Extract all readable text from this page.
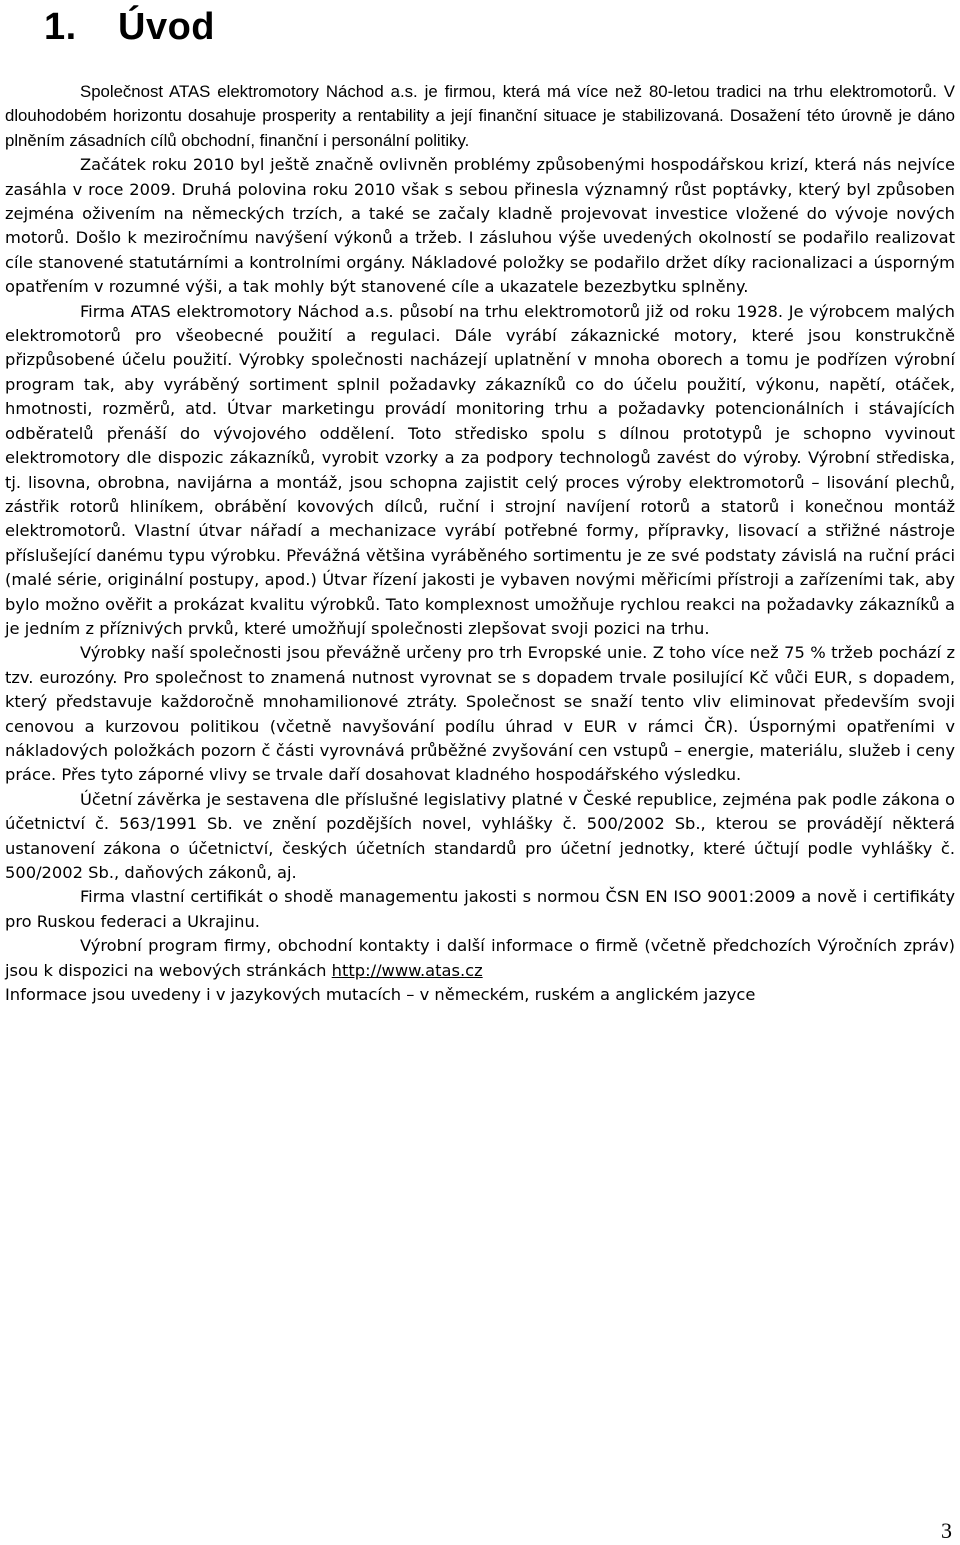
1. Úvod

Společnost ATAS elektromotory Náchod a.s. je firmou, která má více než 80-letou tradici na trhu elektromotorů. V dlouhodobém horizontu dosahuje prosperity a rentability a její finanční situace je stabilizovaná. Dosažení této úrovně je dáno plněním zásadních cílů obchodní, finanční i personální politiky.

Začátek roku 2010 byl ještě značně ovlivněn problémy způsobenými hospodářskou krizí, která nás nejvíce zasáhla v roce 2009. Druhá polovina roku 2010 však s sebou přinesla významný růst poptávky, který byl způsoben zejména oživením na německých trzích, a také se začaly kladně projevovat investice vložené do vývoje nových motorů. Došlo k meziročnímu navýšení výkonů a tržeb. I zásluhou výše uvedených okolností se podařilo realizovat cíle stanovené statutárními a kontrolními orgány. Nákladové položky se podařilo držet díky racionalizaci a úsporným opatřením v rozumné výši, a tak mohly být stanovené cíle a ukazatele bezezbytku splněny.

Firma ATAS elektromotory Náchod a.s. působí na trhu elektromotorů již od roku 1928. Je výrobcem malých elektromotorů pro všeobecné použití a regulaci. Dále vyrábí zákaznické motory, které jsou konstrukčně přizpůsobené účelu použití. Výrobky společnosti nacházejí uplatnění v mnoha oborech a tomu je podřízen výrobní program tak, aby vyráběný sortiment splnil požadavky zákazníků co do účelu použití, výkonu, napětí, otáček, hmotnosti, rozměrů, atd. Útvar marketingu provádí monitoring trhu a požadavky potencionálních i stávajících odběratelů přenáší do vývojového oddělení. Toto středisko spolu s dílnou prototypů je schopno vyvinout elektromotory dle dispozic zákazníků, vyrobit vzorky a za podpory technologů zavést do výroby. Výrobní střediska, tj. lisovna, obrobna, navijárna a montáž, jsou schopna zajistit celý proces výroby elektromotorů – lisování plechů, zástřik rotorů hliníkem, obrábění kovových dílců, ruční i strojní navíjení rotorů a statorů i konečnou montáž elektromotorů. Vlastní útvar nářadí a mechanizace vyrábí potřebné formy, přípravky, lisovací a střižné nástroje příslušející danému typu výrobku. Převážná většina vyráběného sortimentu je ze své podstaty závislá na ruční práci (malé série, originální postupy, apod.) Útvar řízení jakosti je vybaven novými měřicími přístroji a zařízeními tak, aby bylo možno ověřit a prokázat kvalitu výrobků. Tato komplexnost umožňuje rychlou reakci na požadavky zákazníků a je jedním z příznivých prvků, které umožňují společnosti zlepšovat svoji pozici na trhu.

Výrobky naší společnosti jsou převážně určeny pro trh Evropské unie. Z toho více než 75 % tržeb pochází z tzv. eurozóny. Pro společnost to znamená nutnost vyrovnat se s dopadem trvale posilující Kč vůči EUR, s dopadem, který představuje každoročně mnohamilionové ztráty. Společnost se snaží tento vliv eliminovat především svoji cenovou a kurzovou politikou (včetně navyšování podílu úhrad v EUR v rámci ČR). Úspornými opatřeními v nákladových položkách pozorn č části vyrovnává průběžné zvyšování cen vstupů – energie, materiálu, služeb i ceny práce. Přes tyto záporné vlivy se trvale daří dosahovat kladného hospodářského výsledku.

Účetní závěrka je sestavena dle příslušné legislativy platné v České republice, zejména pak podle zákona o účetnictví č. 563/1991 Sb. ve znění pozdějších novel, vyhlášky č. 500/2002 Sb., kterou se provádějí některá ustanovení zákona o účetnictví, českých účetních standardů pro účetní jednotky, které účtují podle vyhlášky č. 500/2002 Sb., daňových zákonů, aj.

Firma vlastní certifikát o shodě managementu jakosti s normou ČSN EN ISO 9001:2009 a nově i certifikáty pro Ruskou federaci a Ukrajinu.

Výrobní program firmy, obchodní kontakty i další informace o firmě (včetně předchozích Výročních zpráv) jsou k dispozici na webových stránkách http://www.atas.cz

Informace jsou uvedeny i v jazykových mutacích – v německém, ruském a anglickém jazyce

3
